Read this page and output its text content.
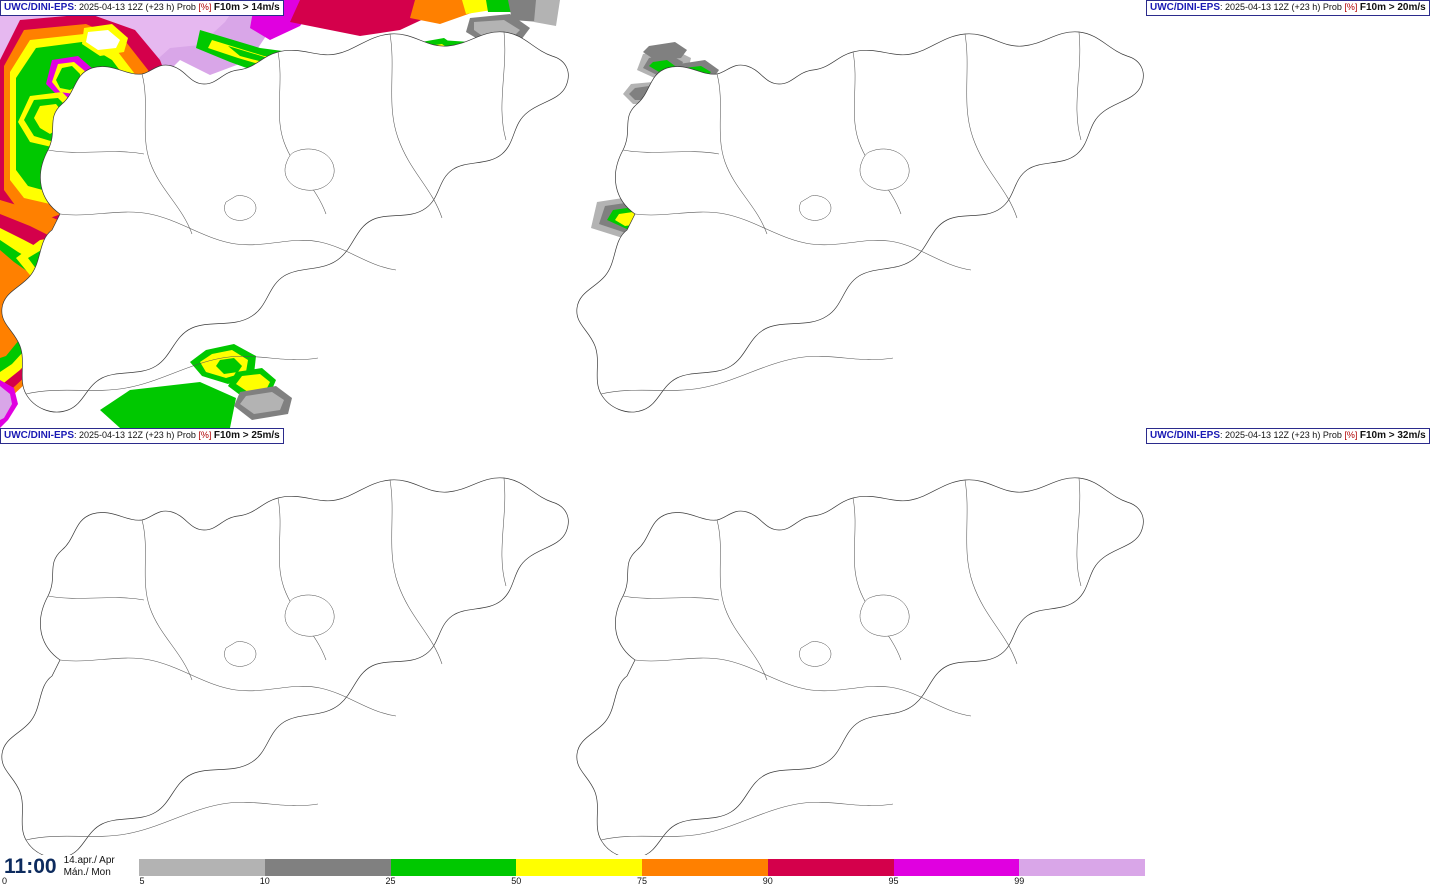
UWC/DINI-EPS: 2025-04-13 12Z (+23 h) Prob [%] F10m > 14m/s	UWC/DINI-EPS: 2025-04-13 12Z (+23 h) Prob [%] F10m > 20m/s
UWC/DINI-EPS: 2025-04-13 12Z (+23 h) Prob [%] F10m > 25m/s	UWC/DINI-EPS: 2025-04-13 12Z (+23 h) Prob [%] F10m > 32m/s
11:00 14.apr./ Apr
Mán./ Mon
5	10	25	50	75	90	95	99
0
